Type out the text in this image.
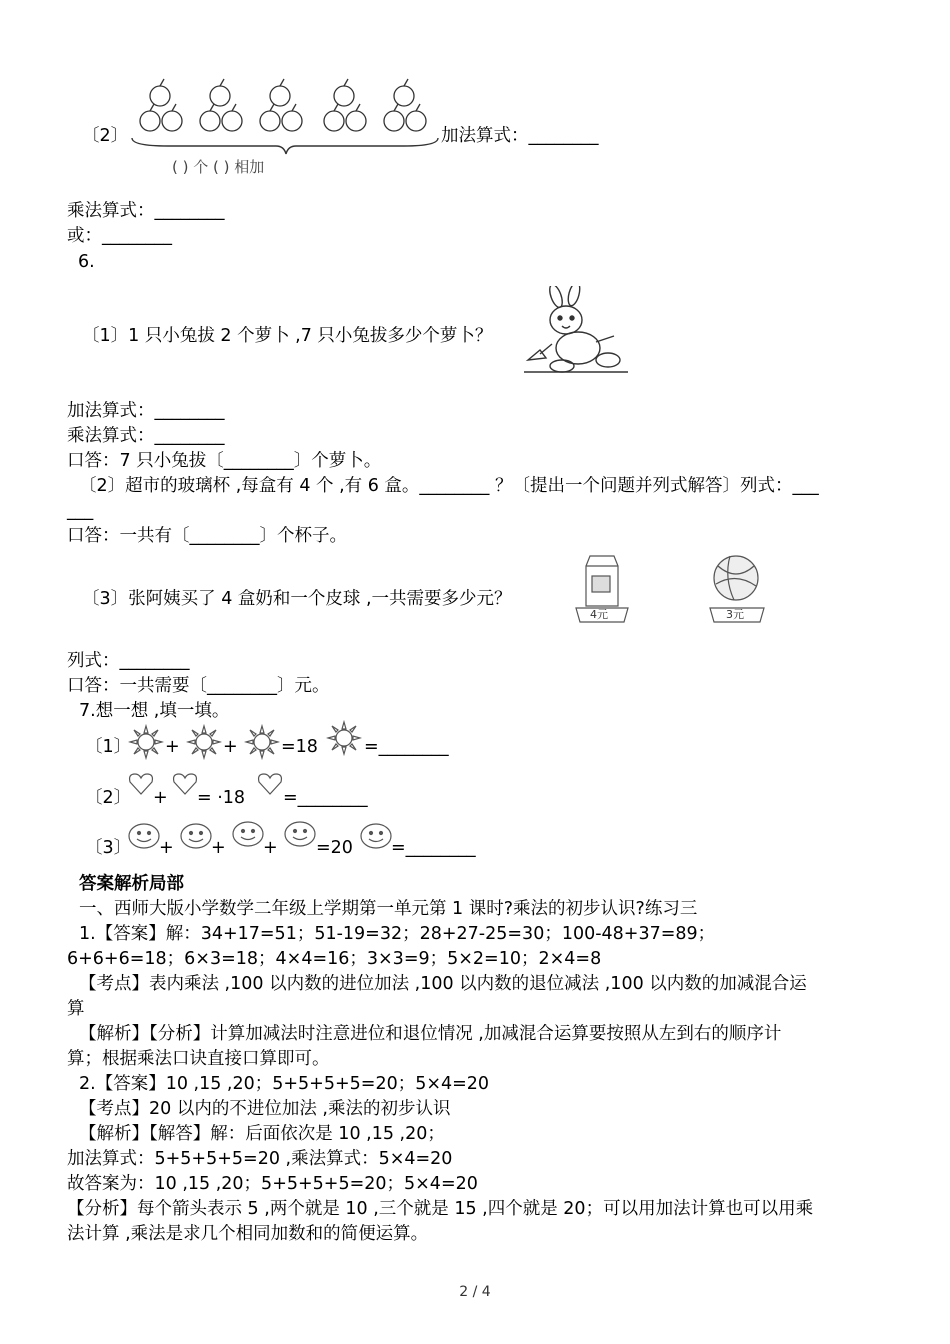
〔2〕
( ) 个 ( ) 相加
加法算式：________
乘法算式：________
或：________
6.
〔1〕1 只小兔拔 2 个萝卜 ,7 只小兔拔多少个萝卜？
加法算式：________
乘法算式：________
口答：7 只小兔拔〔________〕个萝卜。
〔2〕超市的玻璃杯 ,每盒有 4 个 ,有 6 盒。________ ？〔提出一个问题并列式解答〕列式：___
___
口答：一共有〔________〕个杯子。
〔3〕张阿姨买了 4 盒奶和一个皮球 ,一共需要多少元？
4元	3元
列式：________
口答：一共需要〔________〕元。
7.想一想 ,填一填。
〔1〕 + + =18	=________
〔2〕 + = ·18 =________
〔3〕 + + + =20 =________
答案解析局部
一、西师大版小学数学二年级上学期第一单元第 1 课时?乘法的初步认识?练习三
1.【答案】解：34+17=51；51-19=32；28+27-25=30；100-48+37=89；
6+6+6=18；6×3=18；4×4=16；3×3=9；5×2=10；2×4=8
【考点】表内乘法 ,100 以内数的进位加法 ,100 以内数的退位减法 ,100 以内数的加减混合运
算
【解析】【分析】计算加减法时注意进位和退位情况 ,加减混合运算要按照从左到右的顺序计
算；根据乘法口诀直接口算即可。
2.【答案】10 ,15 ,20；5+5+5+5=20；5×4=20
【考点】20 以内的不进位加法 ,乘法的初步认识
【解析】【解答】解：后面依次是 10 ,15 ,20；
加法算式：5+5+5+5=20 ,乘法算式：5×4=20
故答案为：10 ,15 ,20；5+5+5+5=20；5×4=20
【分析】每个箭头表示 5 ,两个就是 10 ,三个就是 15 ,四个就是 20；可以用加法计算也可以用乘
法计算 ,乘法是求几个相同加数和的简便运算。
2 / 4
